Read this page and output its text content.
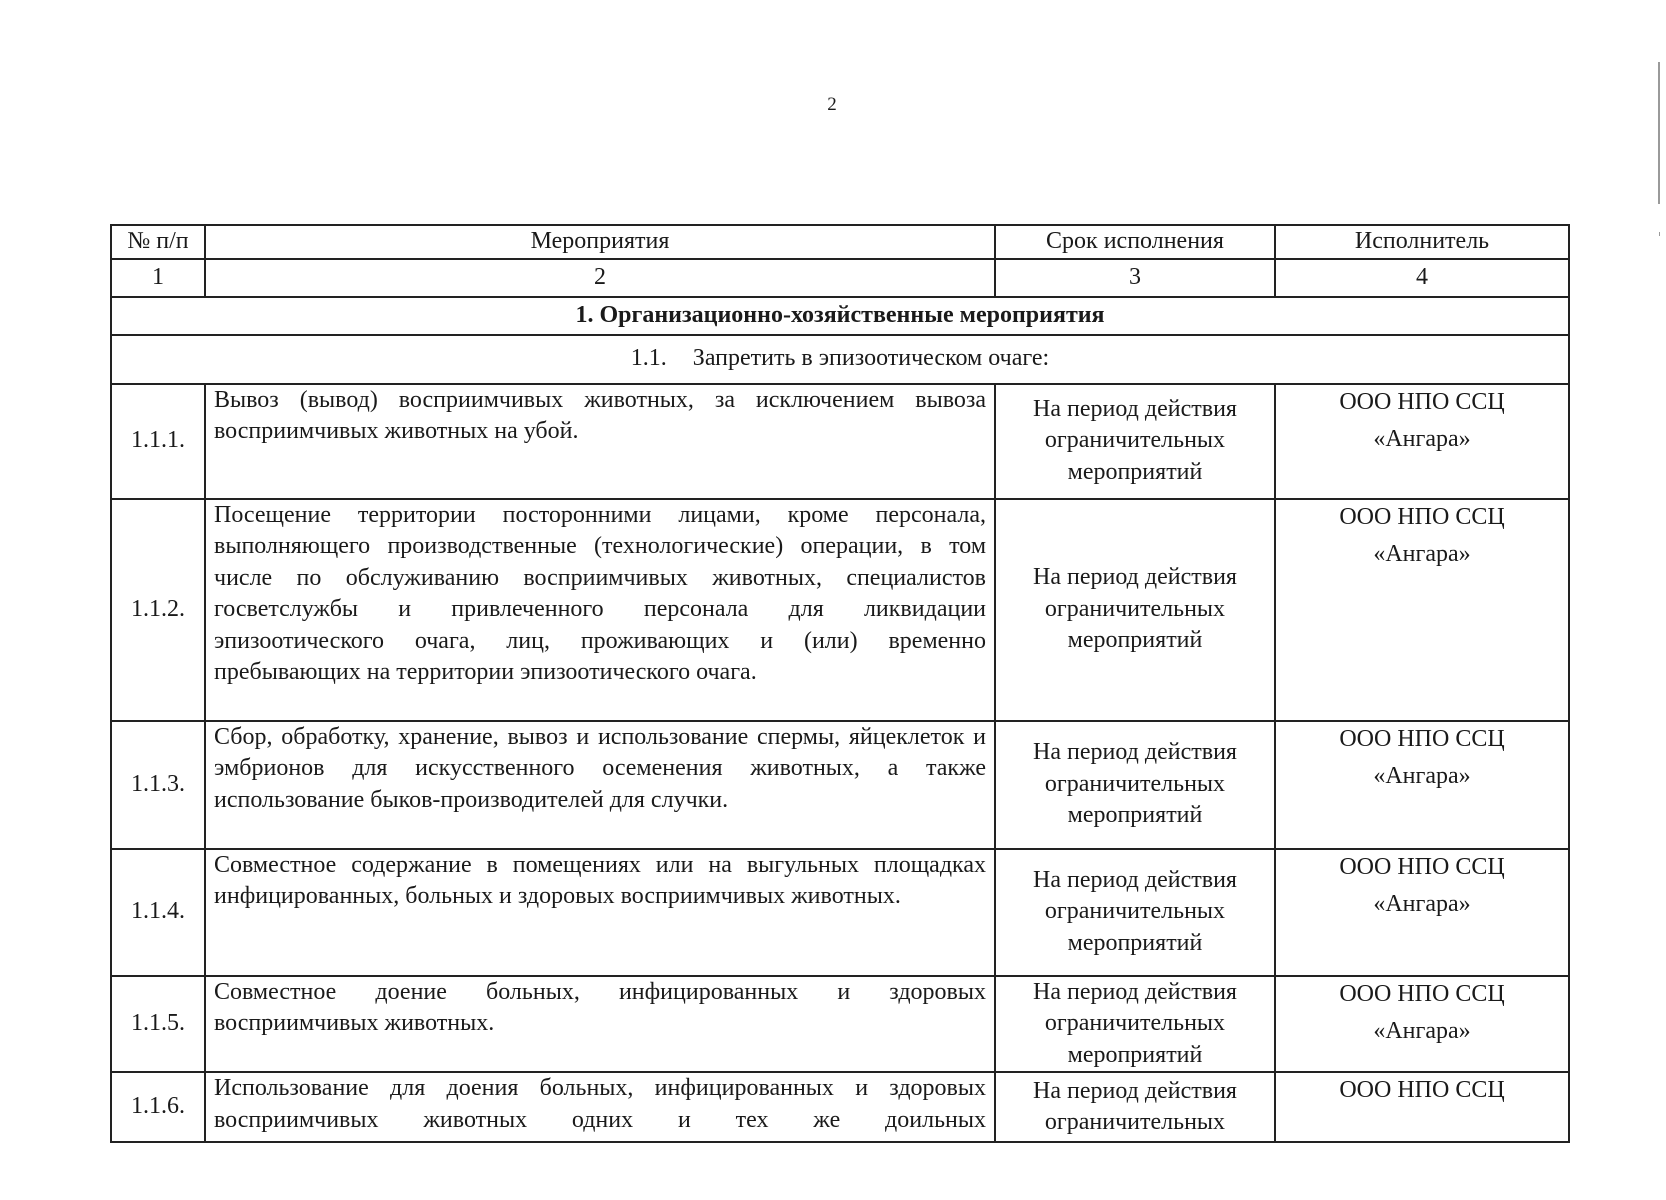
2
№ п/п	Мероприятия	Срок исполнения	Исполнитель
1	2	3	4
1. Организационно-хозяйственные мероприятия			
1.1. Запретить в эпизоотическом очаге:			
1.1.1.	Вывоз (вывод) восприимчивых животных, за исключением вывоза восприимчивых животных на убой.	На период действия ограничительных мероприятий	ООО НПО ССЦ
«Ангара»

1.1.2.	Посещение территории посторонними лицами, кроме персонала, выполняющего производственные (технологические) операции, в том числе по обслуживанию восприимчивых животных, специалистов госветслужбы и привлеченного персонала для ликвидации эпизоотического очага, лиц, проживающих и (или) временно пребывающих на территории эпизоотического очага.	На период действия ограничительных мероприятий	ООО НПО ССЦ
«Ангара»

1.1.3.	Сбор, обработку, хранение, вывоз и использование спермы, яйцеклеток и эмбрионов для искусственного осеменения животных, а также использование быков-производителей для случки.	На период действия ограничительных мероприятий	ООО НПО ССЦ
«Ангара»

1.1.4.	Совместное содержание в помещениях или на выгульных площадках инфицированных, больных и здоровых восприимчивых животных.	На период действия ограничительных мероприятий	ООО НПО ССЦ
«Ангара»

1.1.5.	Совместное доение больных, инфицированных и здоровых восприимчивых животных.	На период действия ограничительных мероприятий	ООО НПО ССЦ
«Ангара»

1.1.6.	Использование для доения больных, инфицированных и здоровых восприимчивых животных одних и тех же доильных	На период действия ограничительных	ООО НПО ССЦ
